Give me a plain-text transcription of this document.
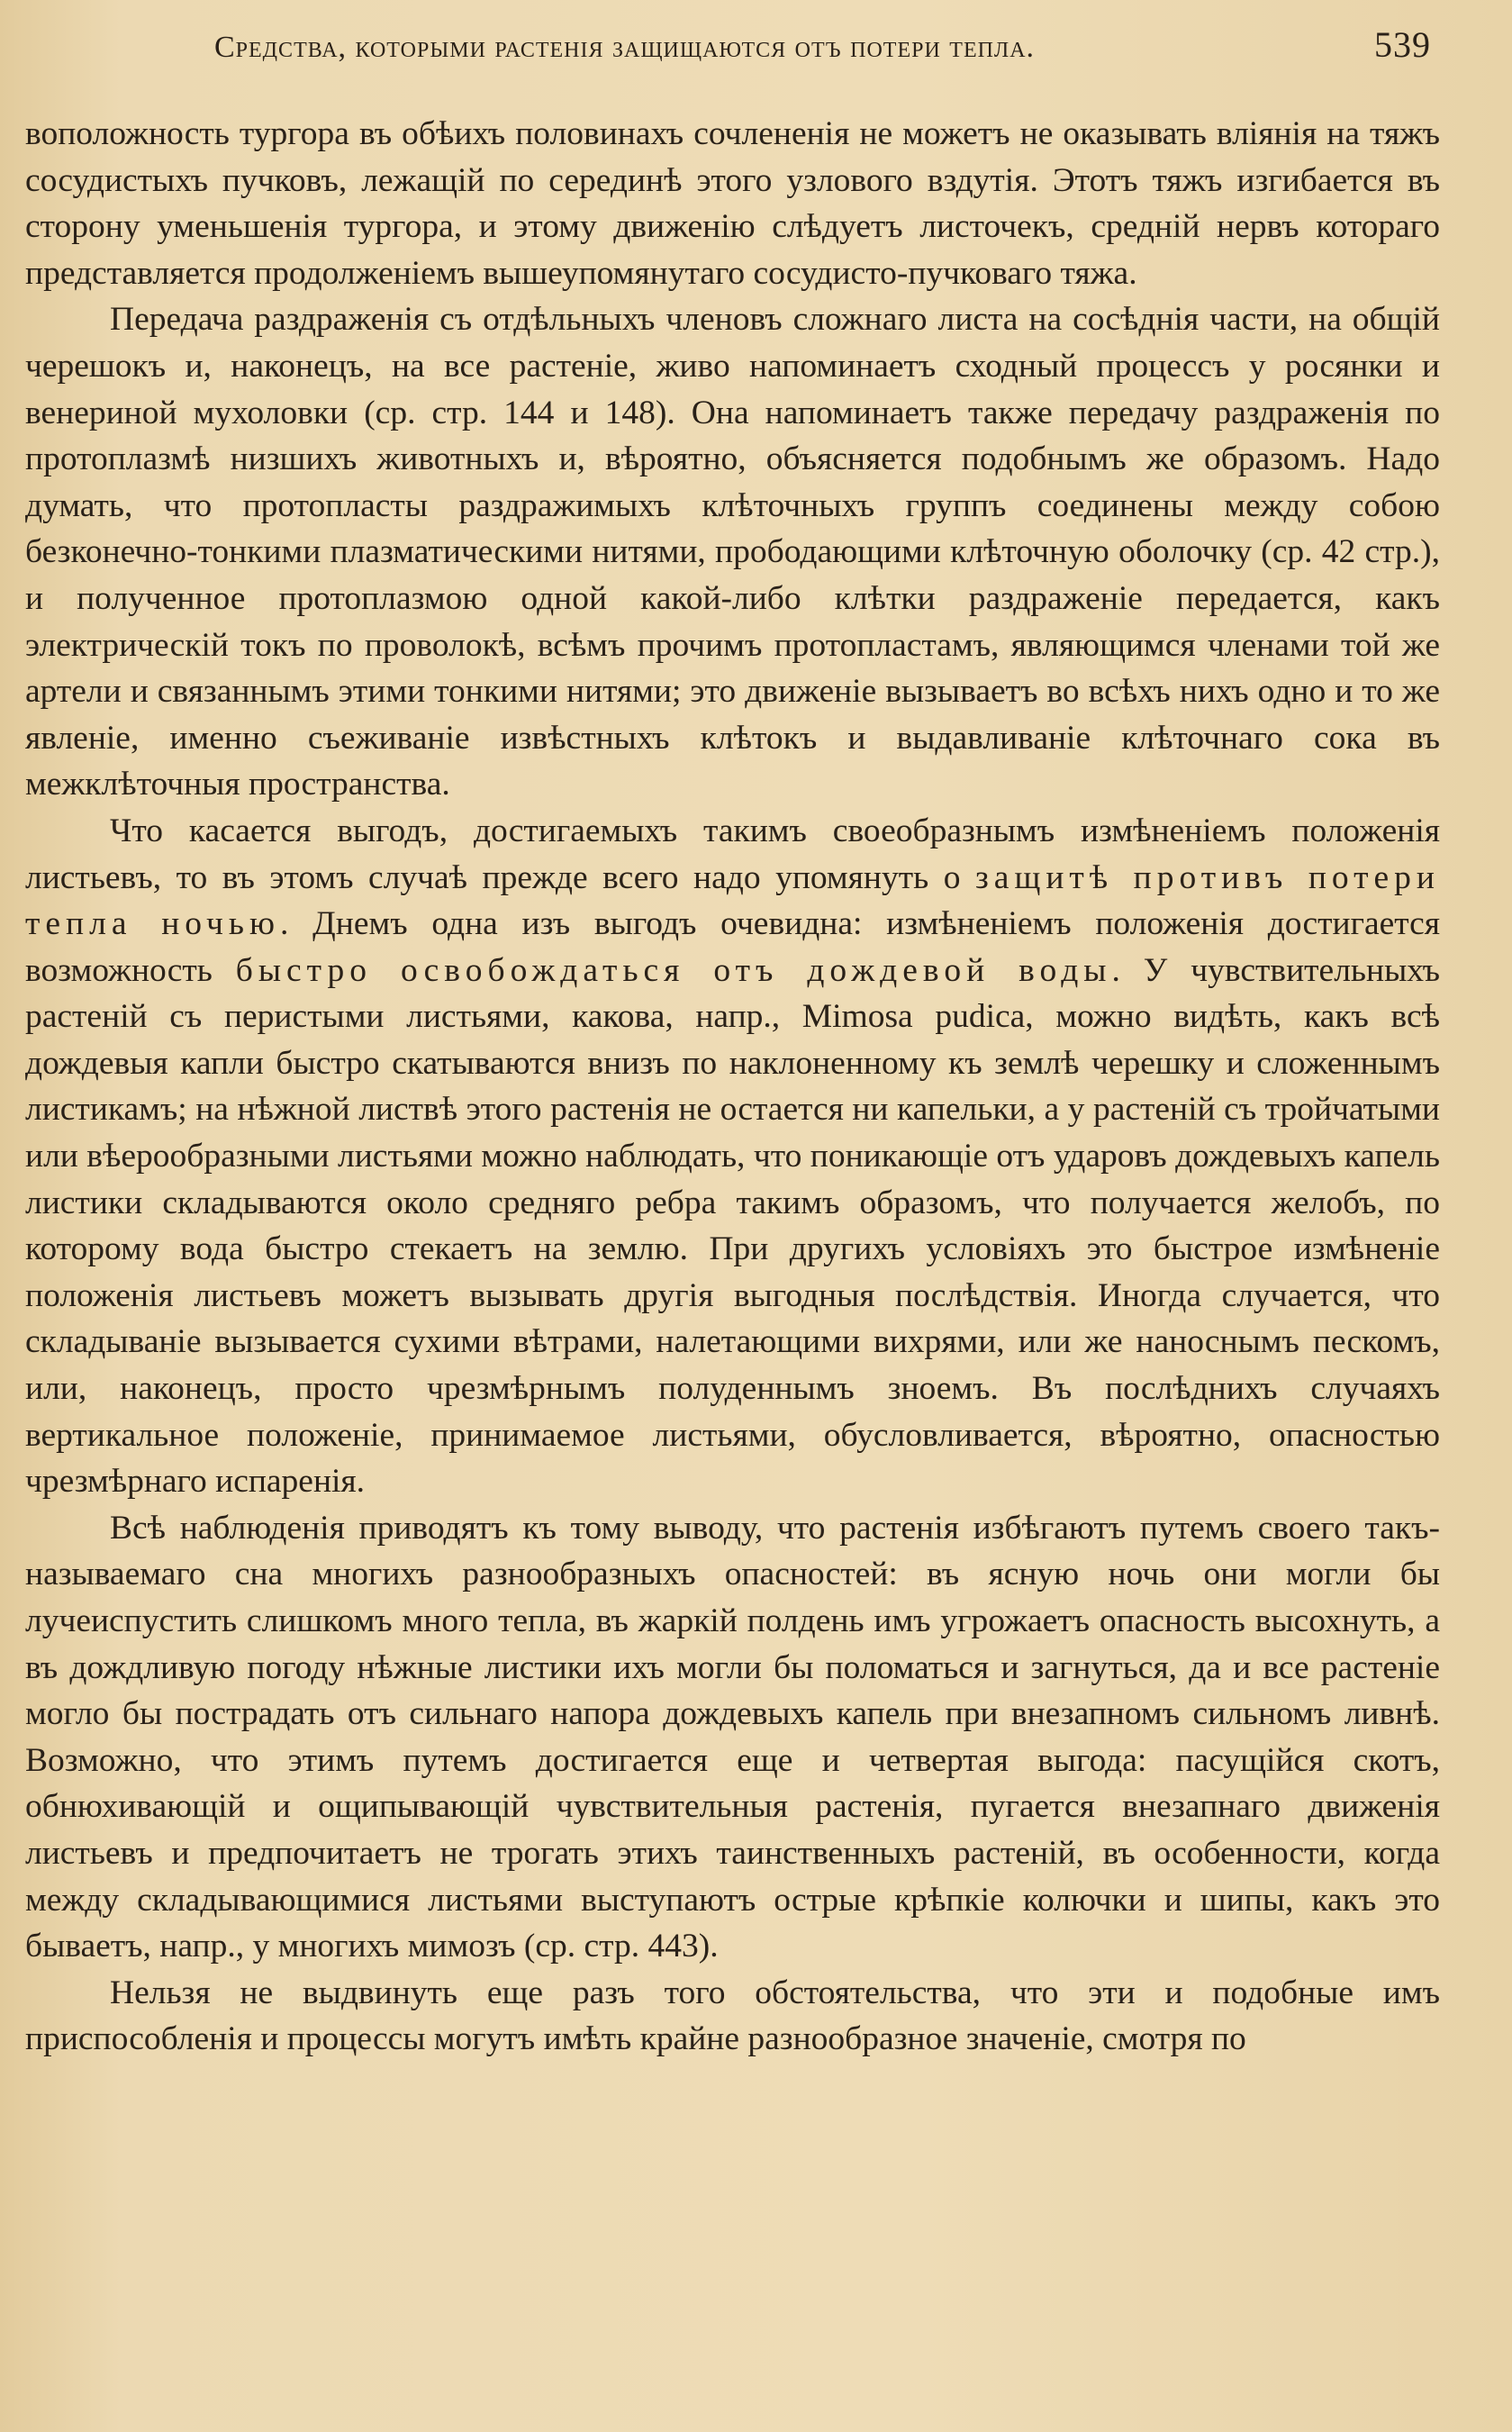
Средства, которыми растенія защищаются отъ потери тепла.	539

воположность тургора въ обѣихъ половинахъ сочлененія не можетъ не оказывать вліянія на тяжъ сосудистыхъ пучковъ, лежащій по серединѣ этого узлового вздутія. Этотъ тяжъ изгибается въ сторону уменьшенія тургора, и этому движенію слѣдуетъ листочекъ, средній нервъ котораго представляется продолженіемъ вышеупомянутаго сосудисто-пучковаго тяжа.

Передача раздраженія съ отдѣльныхъ членовъ сложнаго листа на сосѣднія части, на общій черешокъ и, наконецъ, на все растеніе, живо напоминаетъ сходный процессъ у росянки и венериной мухоловки (ср. стр. 144 и 148). Она напоминаетъ также передачу раздраженія по протоплазмѣ низшихъ животныхъ и, вѣроятно, объясняется подобнымъ же образомъ. Надо думать, что протопласты раздражимыхъ клѣточныхъ группъ соединены между собою безконечно-тонкими плазматическими нитями, прободающими клѣточную оболочку (ср. 42 стр.), и полученное протоплазмою одной какой-либо клѣтки раздраженіе передается, какъ электрическій токъ по проволокѣ, всѣмъ прочимъ протопластамъ, являющимся членами той же артели и связаннымъ этими тонкими нитями; это движеніе вызываетъ во всѣхъ нихъ одно и то же явленіе, именно съеживаніе извѣстныхъ клѣтокъ и выдавливаніе клѣточнаго сока въ межклѣточныя пространства.

Что касается выгодъ, достигаемыхъ такимъ своеобразнымъ измѣненіемъ положенія листьевъ, то въ этомъ случаѣ прежде всего надо упомянуть о защитѣ противъ потери тепла ночью. Днемъ одна изъ выгодъ очевидна: измѣненіемъ положенія достигается возможность быстро освобождаться отъ дождевой воды. У чувствительныхъ растеній съ перистыми листьями, какова, напр., Mimosa pudica, можно видѣть, какъ всѣ дождевыя капли быстро скатываются внизъ по наклоненному къ землѣ черешку и сложеннымъ листикамъ; на нѣжной листвѣ этого растенія не остается ни капельки, а у растеній съ тройчатыми или вѣерообразными листьями можно наблюдать, что поникающіе отъ ударовъ дождевыхъ капель листики складываются около средняго ребра такимъ образомъ, что получается желобъ, по которому вода быстро стекаетъ на землю. При другихъ условіяхъ это быстрое измѣненіе положенія листьевъ можетъ вызывать другія выгодныя послѣдствія. Иногда случается, что складываніе вызывается сухими вѣтрами, налетающими вихрями, или же наноснымъ пескомъ, или, наконецъ, просто чрезмѣрнымъ полуденнымъ зноемъ. Въ послѣднихъ случаяхъ вертикальное положеніе, принимаемое листьями, обусловливается, вѣроятно, опасностью чрезмѣрнаго испаренія.

Всѣ наблюденія приводятъ къ тому выводу, что растенія избѣгаютъ путемъ своего такъ-называемаго сна многихъ разнообразныхъ опасностей: въ ясную ночь они могли бы лучеиспустить слишкомъ много тепла, въ жаркій полдень имъ угрожаетъ опасность высохнуть, а въ дождливую погоду нѣжные листики ихъ могли бы поломаться и загнуться, да и все растеніе могло бы пострадать отъ сильнаго напора дождевыхъ капель при внезапномъ сильномъ ливнѣ. Возможно, что этимъ путемъ достигается еще и четвертая выгода: пасущійся скотъ, обнюхивающій и ощипывающій чувствительныя растенія, пугается внезапнаго движенія листьевъ и предпочитаетъ не трогать этихъ таинственныхъ растеній, въ особенности, когда между складывающимися листьями выступаютъ острые крѣпкіе колючки и шипы, какъ это бываетъ, напр., у многихъ мимозъ (ср. стр. 443).

Нельзя не выдвинуть еще разъ того обстоятельства, что эти и подобные имъ приспособленія и процессы могутъ имѣть крайне разнообразное значеніе, смотря по
